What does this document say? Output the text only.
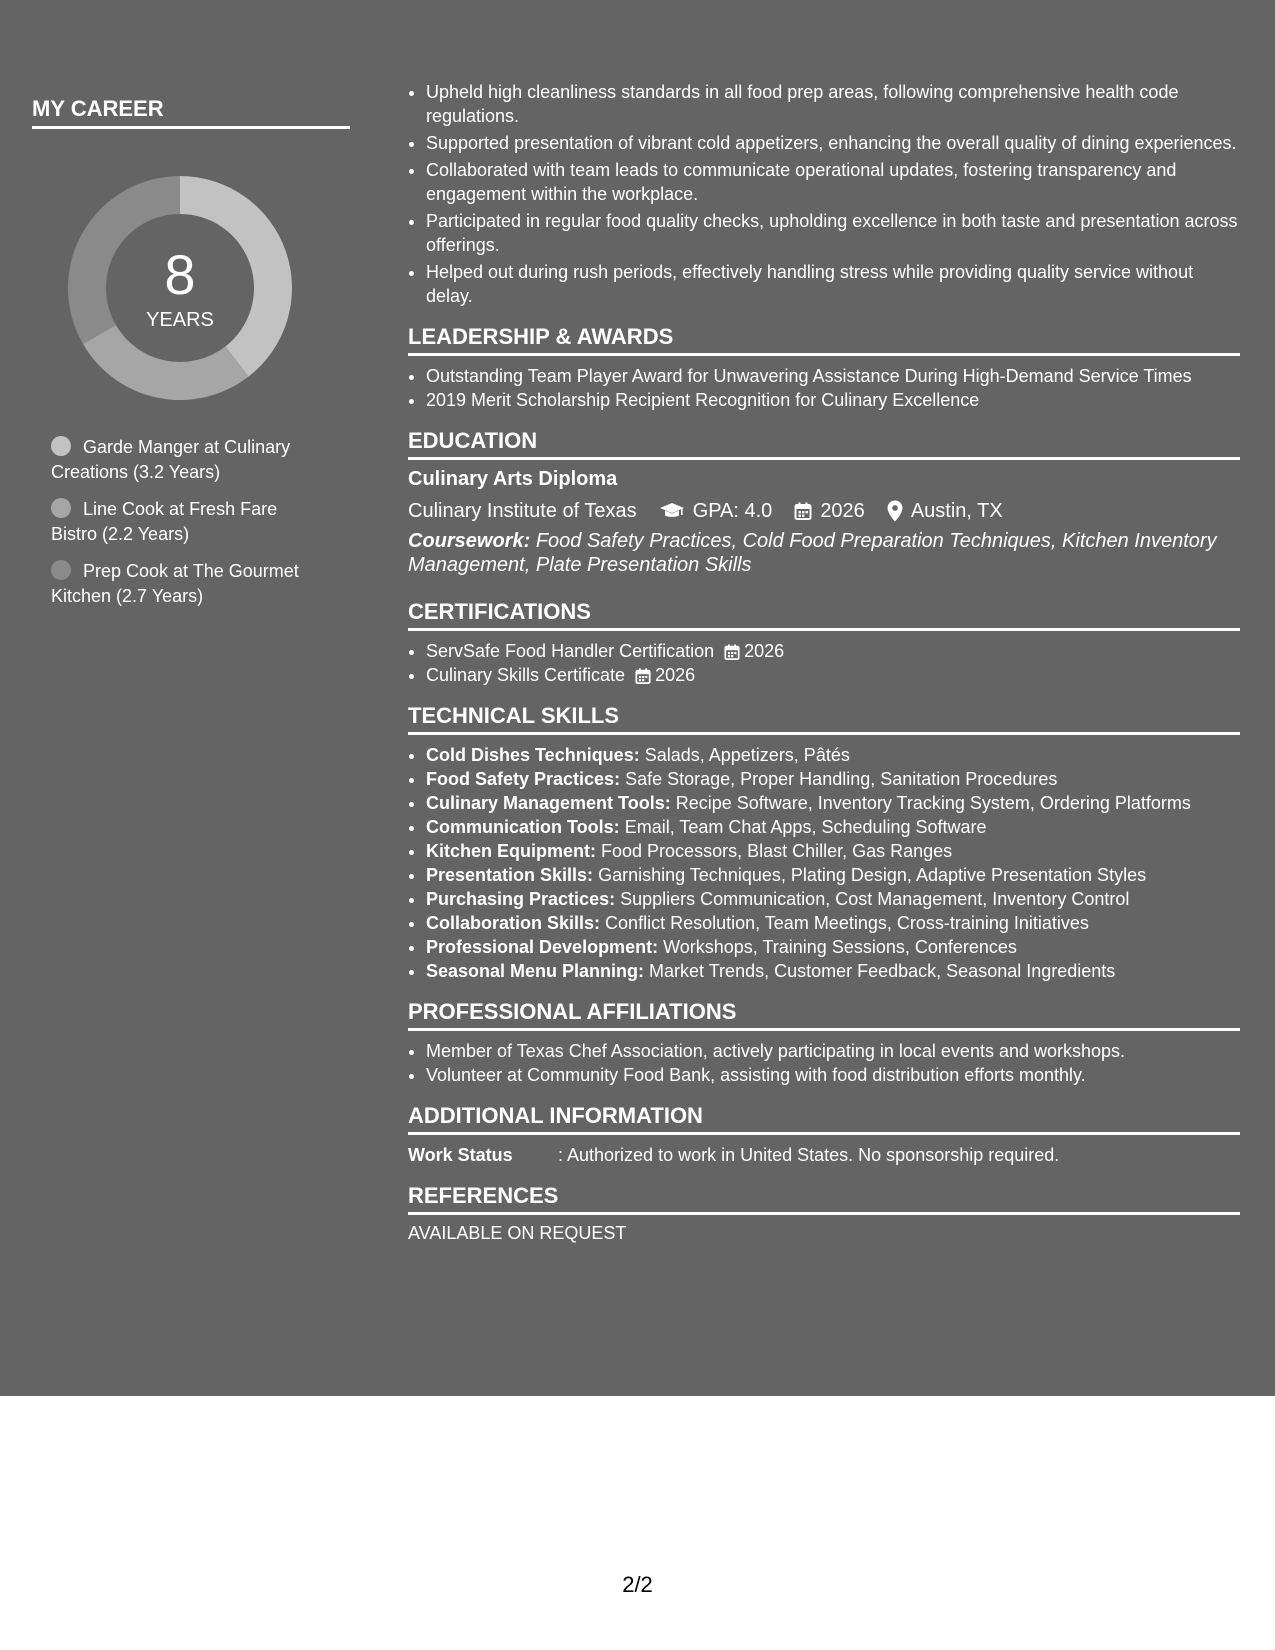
MY CAREER
8
YEARS
Garde Manger at Culinary Creations (3.2 Years)
Line Cook at Fresh Fare Bistro (2.2 Years)
Prep Cook at The Gourmet Kitchen (2.7 Years)
• Upheld high cleanliness standards in all food prep areas, following comprehensive health code regulations.
• Supported presentation of vibrant cold appetizers, enhancing the overall quality of dining experiences.
• Collaborated with team leads to communicate operational updates, fostering transparency and engagement within the workplace.
• Participated in regular food quality checks, upholding excellence in both taste and presentation across offerings.
• Helped out during rush periods, effectively handling stress while providing quality service without delay.
LEADERSHIP & AWARDS
• Outstanding Team Player Award for Unwavering Assistance During High-Demand Service Times
• 2019 Merit Scholarship Recipient Recognition for Culinary Excellence
EDUCATION
Culinary Arts Diploma
Culinary Institute of Texas	GPA: 4.0 2026 Austin, TX
Coursework: Food Safety Practices, Cold Food Preparation Techniques, Kitchen Inventory Management, Plate Presentation Skills
CERTIFICATIONS
• ServSafe Food Handler Certification 2026
• Culinary Skills Certificate 2026
TECHNICAL SKILLS
• Cold Dishes Techniques: Salads, Appetizers, Pâtés
• Food Safety Practices: Safe Storage, Proper Handling, Sanitation Procedures
• Culinary Management Tools: Recipe Software, Inventory Tracking System, Ordering Platforms
• Communication Tools: Email, Team Chat Apps, Scheduling Software
• Kitchen Equipment: Food Processors, Blast Chiller, Gas Ranges
• Presentation Skills: Garnishing Techniques, Plating Design, Adaptive Presentation Styles
• Purchasing Practices: Suppliers Communication, Cost Management, Inventory Control
• Collaboration Skills: Conflict Resolution, Team Meetings, Cross-training Initiatives
• Professional Development: Workshops, Training Sessions, Conferences
• Seasonal Menu Planning: Market Trends, Customer Feedback, Seasonal Ingredients
PROFESSIONAL AFFILIATIONS
• Member of Texas Chef Association, actively participating in local events and workshops.
• Volunteer at Community Food Bank, assisting with food distribution efforts monthly.
ADDITIONAL INFORMATION
Work Status	: Authorized to work in United States. No sponsorship required.
REFERENCES
AVAILABLE ON REQUEST
2/2
